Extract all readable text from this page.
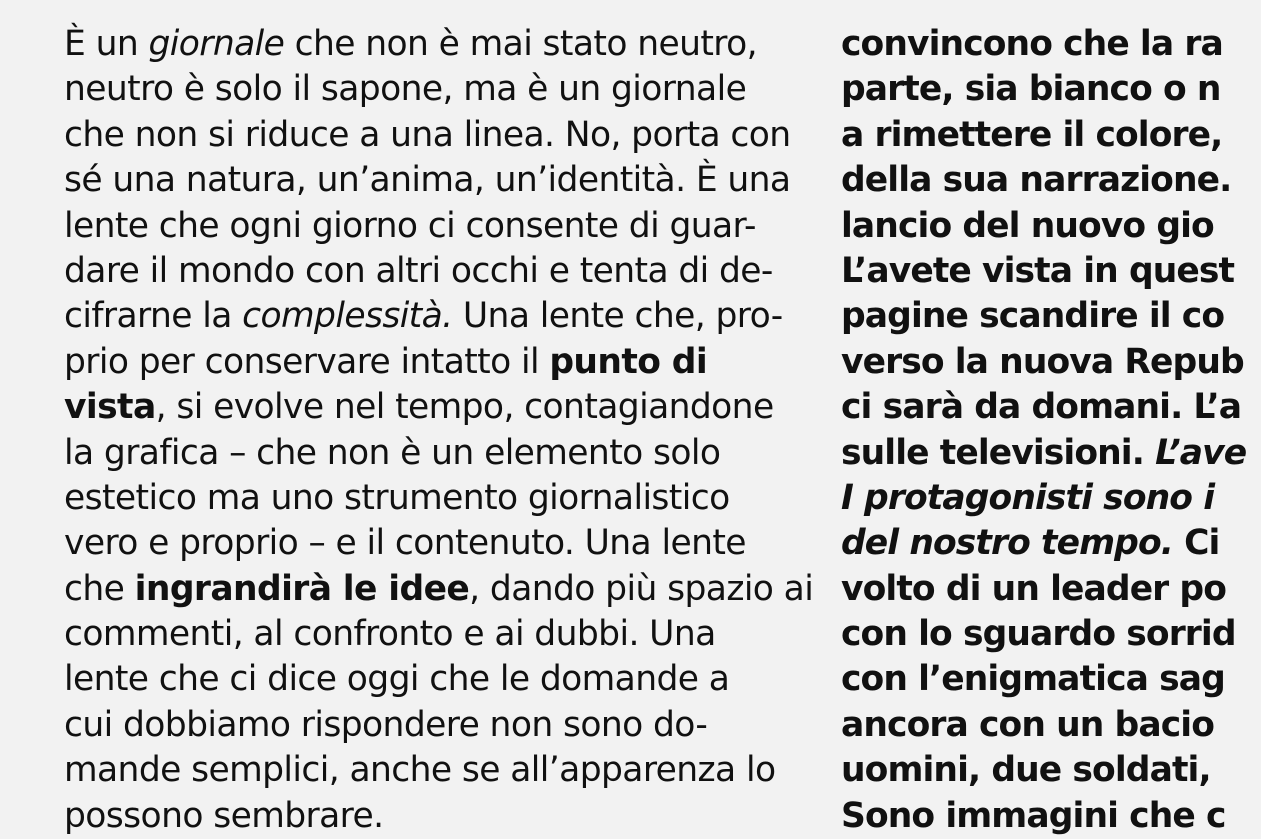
È un giornale che non è mai stato neutro,
neutro è solo il sapone, ma è un giornale
che non si riduce a una linea. No, porta con
sé una natura, un’anima, un’identità. È una
lente che ogni giorno ci consente di guar-
dare il mondo con altri occhi e tenta di de-
cifrarne la complessità. Una lente che, pro-
prio per conservare intatto il punto di
vista, si evolve nel tempo, contagiandone
la grafica – che non è un elemento solo
estetico ma uno strumento giornalistico
vero e proprio – e il contenuto. Una lente
che ingrandirà le idee, dando più spazio ai
commenti, al confronto e ai dubbi. Una
lente che ci dice oggi che le domande a
cui dobbiamo rispondere non sono do-
mande semplici, anche se all’apparenza lo
possono sembrare.
convincono che la ra
parte, sia bianco o n
a rimettere il colore,
della sua narrazione.
lancio del nuovo gio
L’avete vista in quest
pagine scandire il co
verso la nuova Repub
ci sarà da domani. L’a
sulle televisioni. L’ave
I protagonisti sono i
del nostro tempo. Ci
volto di un leader po
con lo sguardo sorrid
con l’enigmatica sag
ancora con un bacio
uomini, due soldati,
Sono immagini che c
